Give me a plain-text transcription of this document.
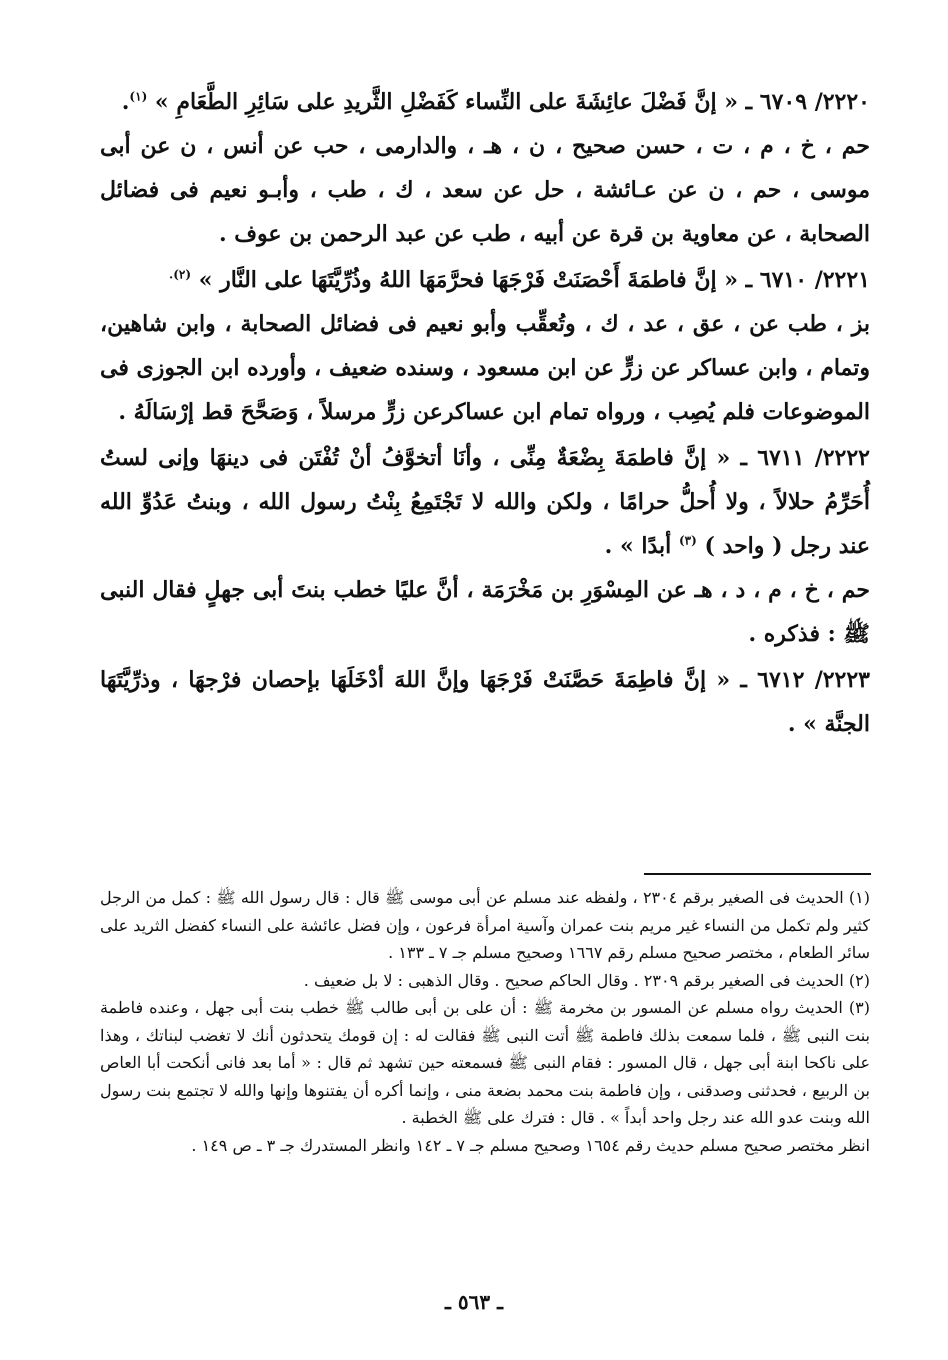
٢٢٢٠/ ٦٧٠٩ ـ « إنَّ فَضْلَ عائِشَةَ على النِّساء كَفَضْلِ الثَّريدِ على سَائِرِ الطَّعَامِ » $^{(١)}$.

حم ، خ ، م ، ت ، حسن صحيح ، ن ، هـ ، والدارمى ، حب عن أنس ، ن عن أبى موسى ، حم ، ن عن عـائشة ، حل عن سعد ، ك ، طب ، وأبـو نعيم فى فضائل الصحابة ، عن معاوية بن قرة عن أبيه ، طب عن عبد الرحمن بن عوف .

٢٢٢١/ ٦٧١٠ ـ « إنَّ فاطمَةَ أَحْصَنَتْ فَرْجَهَا فحرَّمَهَا اللهُ وذُرِّيَّتَهَا على النَّار » $^{(٢).}$

بز ، طب عن ، عق ، عد ، ك ، وتُعقِّب وأبو نعيم فى فضائل الصحابة ، وابن شاهين، وتمام ، وابن عساكر عن زرٍّ عن ابن مسعود ، وسنده ضعيف ، وأورده ابن الجوزى فى الموضوعات فلم يُصِب ، ورواه تمام ابن عساكرعن زرٍّ مرسلاً ، وَصَحَّحَ قط إرْسَالَهُ .

٢٢٢٢/ ٦٧١١ ـ « إنَّ فاطمَةَ بِضْعَةٌ مِنِّى ، وأنَا أتخوَّفُ أنْ تُفْتَن فى دينهَا وإنى لستُ أُحَرِّمُ حلالاً ، ولا أُحلُّ حرامًا ، ولكن والله لا تَجْتَمِعُ بِنْتُ رسول الله ، وبنتُ عَدُوِّ الله عند رجل ( واحد ) $^{(٣)}$ أبدًا » .

حم ، خ ، م ، د ، هـ عن المِسْوَرِ بن مَخْرَمَة ، أنَّ عليًا خطب بنتَ أبى جهلٍ فقال النبى ﷺ : فذكره .

٢٢٢٣/ ٦٧١٢ ـ « إنَّ فاطِمَةَ حَصَّنَتْ فَرْجَهَا وإنَّ اللهَ أدْخَلَهَا بإحصان فرْجهَا ، وذرِّيَّتَهَا الجنَّة » .

(١) الحديث فى الصغير برقم ٢٣٠٤ ، ولفظه عند مسلم عن أبى موسى ﷺ قال : قال رسول الله ﷺ : كمل من الرجل كثير ولم تكمل من النساء غير مريم بنت عمران وآسية امرأة فرعون ، وإن فضل عائشة على النساء كفضل الثريد على سائر الطعام ، مختصر صحيح مسلم رقم ١٦٦٧ وصحيح مسلم جـ ٧ ـ ١٣٣ .

(٢) الحديث فى الصغير برقم ٢٣٠٩ . وقال الحاكم صحيح . وقال الذهبى : لا بل ضعيف .

(٣) الحديث رواه مسلم عن المسور بن مخرمة ﷺ : أن على بن أبى طالب ﷺ خطب بنت أبى جهل ، وعنده فاطمة بنت النبى ﷺ ، فلما سمعت بذلك فاطمة ﷺ أتت النبى ﷺ فقالت له : إن قومك يتحدثون أنك لا تغضب لبناتك ، وهذا على ناكحا ابنة أبى جهل ، قال المسور : فقام النبى ﷺ فسمعته حين تشهد ثم قال : « أما بعد فانى أنكحت أبا العاص بن الربيع ، فحدثنى وصدقنى ، وإن فاطمة بنت محمد بضعة منى ، وإنما أكره أن يفتنوها وإنها والله لا تجتمع بنت رسول الله وبنت عدو الله عند رجل واحد أبداً » . قال : فترك على ﷺ الخطبة .

انظر مختصر صحيح مسلم حديث رقم ١٦٥٤ وصحيح مسلم جـ ٧ ـ ١٤٢ وانظر المستدرك جـ ٣ ـ ص ١٤٩ .

ـ ٥٦٣ ـ
